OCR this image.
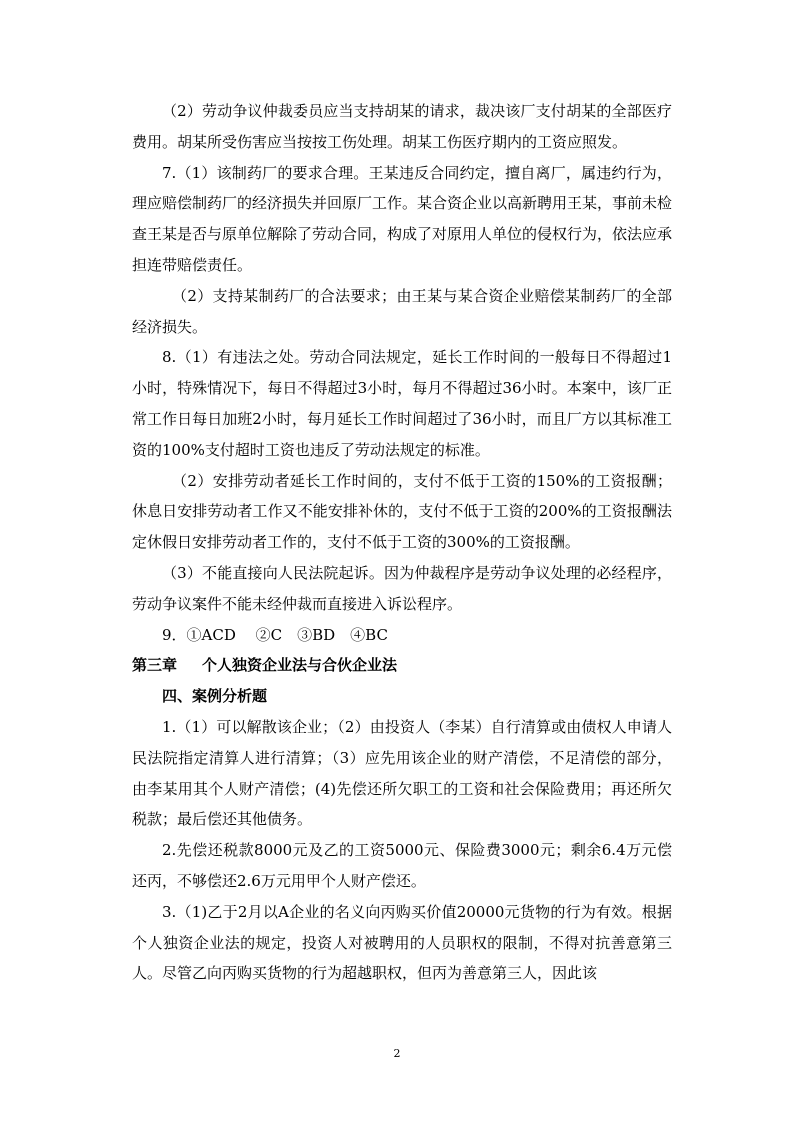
（2）劳动争议仲裁委员应当支持胡某的请求，裁决该厂支付胡某的全部医疗费用。胡某所受伤害应当按按工伤处理。胡某工伤医疗期内的工资应照发。

7.（1）该制药厂的要求合理。王某违反合同约定，擅自离厂，属违约行为，理应赔偿制药厂的经济损失并回原厂工作。某合资企业以高新聘用王某，事前未检查王某是否与原单位解除了劳动合同，构成了对原用人单位的侵权行为，依法应承担连带赔偿责任。

（2）支持某制药厂的合法要求；由王某与某合资企业赔偿某制药厂的全部经济损失。

8.（1）有违法之处。劳动合同法规定，延长工作时间的一般每日不得超过1小时，特殊情况下，每日不得超过3小时，每月不得超过36小时。本案中，该厂正常工作日每日加班2小时，每月延长工作时间超过了36小时，而且厂方以其标准工资的100%支付超时工资也违反了劳动法规定的标准。

（2）安排劳动者延长工作时间的，支付不低于工资的150%的工资报酬；休息日安排劳动者工作又不能安排补休的，支付不低于工资的200%的工资报酬法定休假日安排劳动者工作的，支付不低于工资的300%的工资报酬。

（3）不能直接向人民法院起诉。因为仲裁程序是劳动争议处理的必经程序，劳动争议案件不能未经仲裁而直接进入诉讼程序。

9．①ACD　 ②C　③BD　④BC

第三章 个人独资企业法与合伙企业法

四、案例分析题

1.（1）可以解散该企业；（2）由投资人（李某）自行清算或由债权人申请人民法院指定清算人进行清算；（3）应先用该企业的财产清偿，不足清偿的部分，由李某用其个人财产清偿；(4)先偿还所欠职工的工资和社会保险费用；再还所欠税款；最后偿还其他债务。

2.先偿还税款8000元及乙的工资5000元、保险费3000元；剩余6.4万元偿还丙，不够偿还2.6万元用甲个人财产偿还。

3.（1)乙于2月以A企业的名义向丙购买价值20000元货物的行为有效。根据个人独资企业法的规定，投资人对被聘用的人员职权的限制，不得对抗善意第三人。尽管乙向丙购买货物的行为超越职权，但丙为善意第三人，因此该

2
